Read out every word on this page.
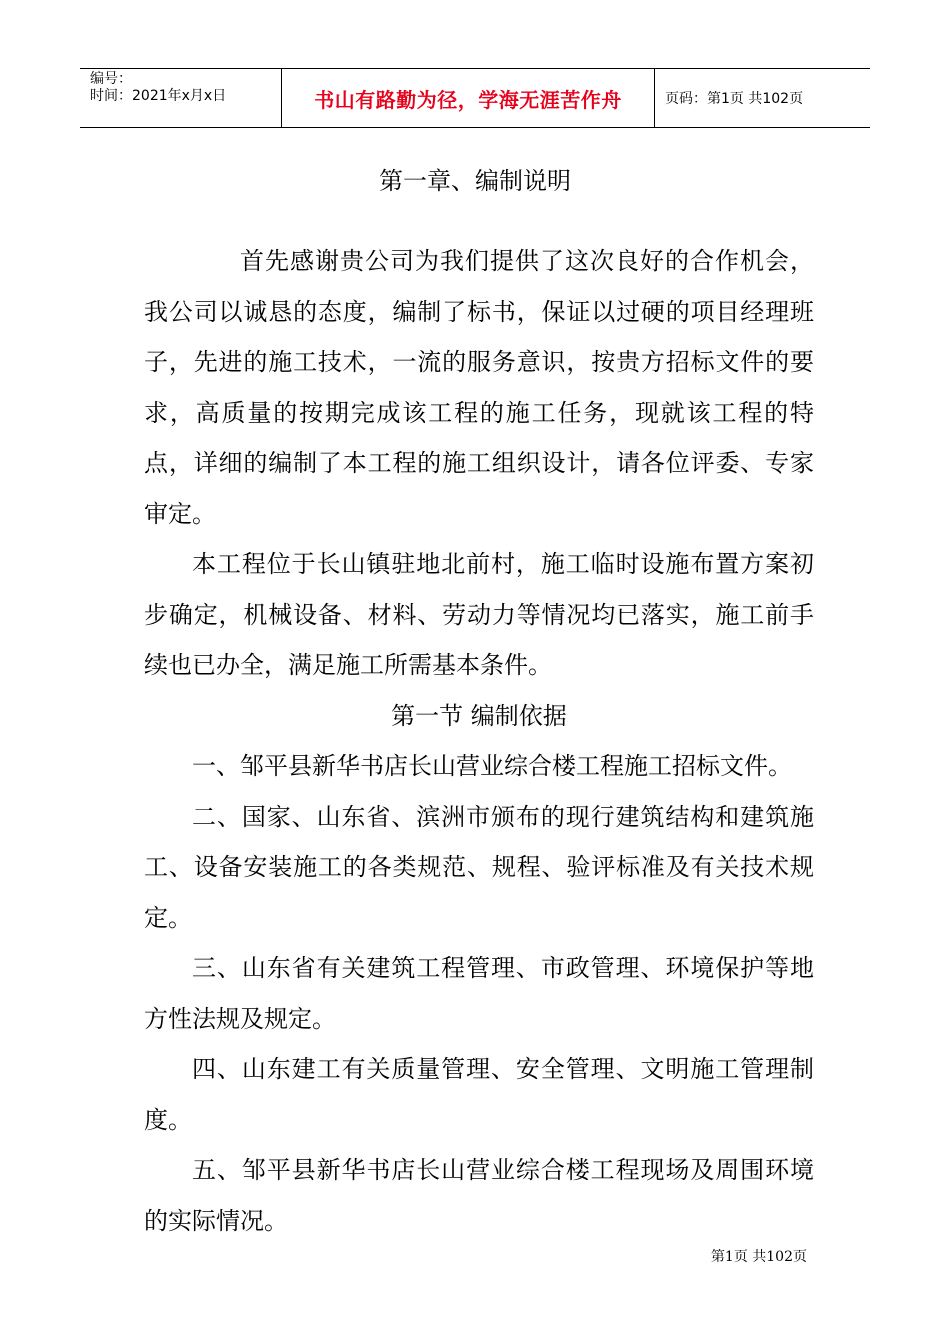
编号：
时间：2021年x月x日	书山有路勤为径，学海无涯苦作舟	页码：第1页 共102页
第一章、编制说明

首先感谢贵公司为我们提供了这次良好的合作机会，我公司以诚恳的态度，编制了标书，保证以过硬的项目经理班子，先进的施工技术，一流的服务意识，按贵方招标文件的要求，高质量的按期完成该工程的施工任务，现就该工程的特点，详细的编制了本工程的施工组织设计，请各位评委、专家审定。

本工程位于长山镇驻地北前村，施工临时设施布置方案初步确定，机械设备、材料、劳动力等情况均已落实，施工前手续也已办全，满足施工所需基本条件。

第一节 编制依据

一、邹平县新华书店长山营业综合楼工程施工招标文件。

二、国家、山东省、滨洲市颁布的现行建筑结构和建筑施工、设备安装施工的各类规范、规程、验评标准及有关技术规定。

三、山东省有关建筑工程管理、市政管理、环境保护等地方性法规及规定。

四、山东建工有关质量管理、安全管理、文明施工管理制度。

五、邹平县新华书店长山营业综合楼工程现场及周围环境的实际情况。

第1页 共102页
